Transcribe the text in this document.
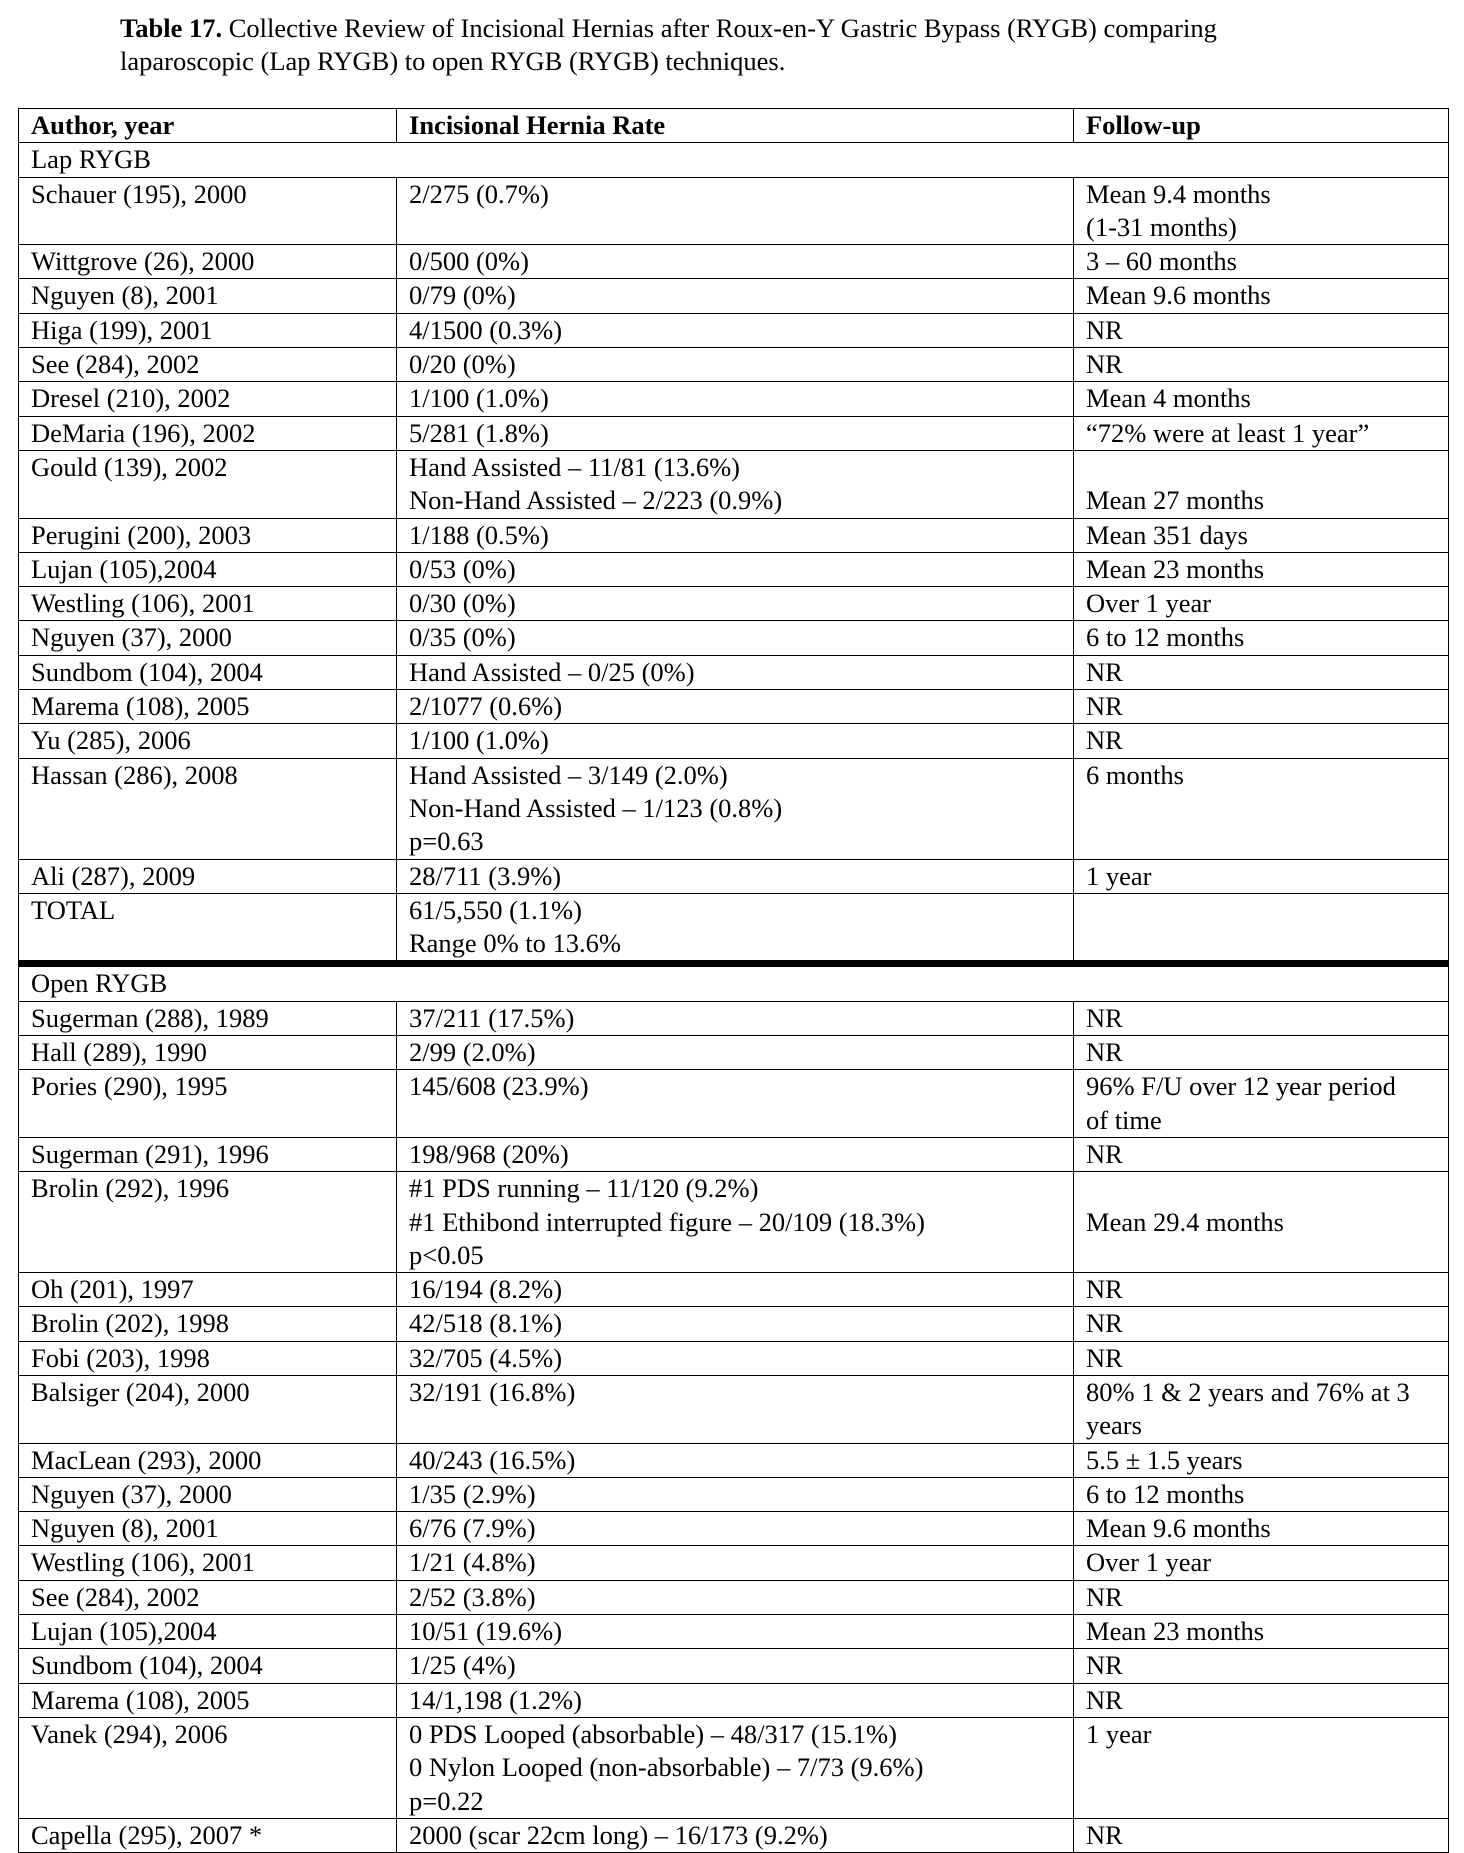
Table 17. Collective Review of Incisional Hernias after Roux-en-Y Gastric Bypass (RYGB) comparing
laparoscopic (Lap RYGB) to open RYGB (RYGB) techniques.
Author, year	Incisional Hernia Rate	Follow-up
Lap RYGB		
Schauer (195), 2000	2/275 (0.7%)	Mean 9.4 months
(1-31 months)

Wittgrove (26), 2000	0/500 (0%)	3 – 60 months

Nguyen (8), 2001	0/79 (0%)	Mean 9.6 months

Higa (199), 2001	4/1500 (0.3%)	NR

See (284), 2002	0/20 (0%)	NR

Dresel (210), 2002	1/100 (1.0%)	Mean 4 months

DeMaria (196), 2002	5/281 (1.8%)	“72% were at least 1 year”

Gould (139), 2002	Hand Assisted – 11/81 (13.6%)
Non-Hand Assisted – 2/223 (0.9%)	Mean 27 months

Perugini (200), 2003	1/188 (0.5%)	Mean 351 days

Lujan (105),2004	0/53 (0%)	Mean 23 months

Westling (106), 2001	0/30 (0%)	Over 1 year

Nguyen (37), 2000	0/35 (0%)	6 to 12 months

Sundbom (104), 2004	Hand Assisted – 0/25 (0%)	NR

Marema (108), 2005	2/1077 (0.6%)	NR

Yu (285), 2006	1/100 (1.0%)	NR

Hassan (286), 2008	Hand Assisted – 3/149 (2.0%)
Non-Hand Assisted – 1/123 (0.8%)
p=0.63	6 months

Ali (287), 2009	28/711 (3.9%)	1 year

TOTAL	61/5,550 (1.1%)
Range 0% to 13.6%	

Open RYGB		
Sugerman (288), 1989	37/211 (17.5%)	NR

Hall (289), 1990	2/99 (2.0%)	NR

Pories (290), 1995	145/608 (23.9%)	96% F/U over 12 year period
of time

Sugerman (291), 1996	198/968 (20%)	NR

Brolin (292), 1996	#1 PDS running – 11/120 (9.2%)
#1 Ethibond interrupted figure – 20/109 (18.3%)
p<0.05	Mean 29.4 months

Oh (201), 1997	16/194 (8.2%)	NR

Brolin (202), 1998	42/518 (8.1%)	NR

Fobi (203), 1998	32/705 (4.5%)	NR

Balsiger (204), 2000	32/191 (16.8%)	80% 1 & 2 years and 76% at 3
years

MacLean (293), 2000	40/243 (16.5%)	5.5 ± 1.5 years

Nguyen (37), 2000	1/35 (2.9%)	6 to 12 months

Nguyen (8), 2001	6/76 (7.9%)	Mean 9.6 months

Westling (106), 2001	1/21 (4.8%)	Over 1 year

See (284), 2002	2/52 (3.8%)	NR

Lujan (105),2004	10/51 (19.6%)	Mean 23 months

Sundbom (104), 2004	1/25 (4%)	NR

Marema (108), 2005	14/1,198 (1.2%)	NR

Vanek (294), 2006	0 PDS Looped (absorbable) – 48/317 (15.1%)
0 Nylon Looped (non-absorbable) – 7/73 (9.6%)
p=0.22	1 year

Capella (295), 2007 *	2000 (scar 22cm long) – 16/173 (9.2%)	NR
